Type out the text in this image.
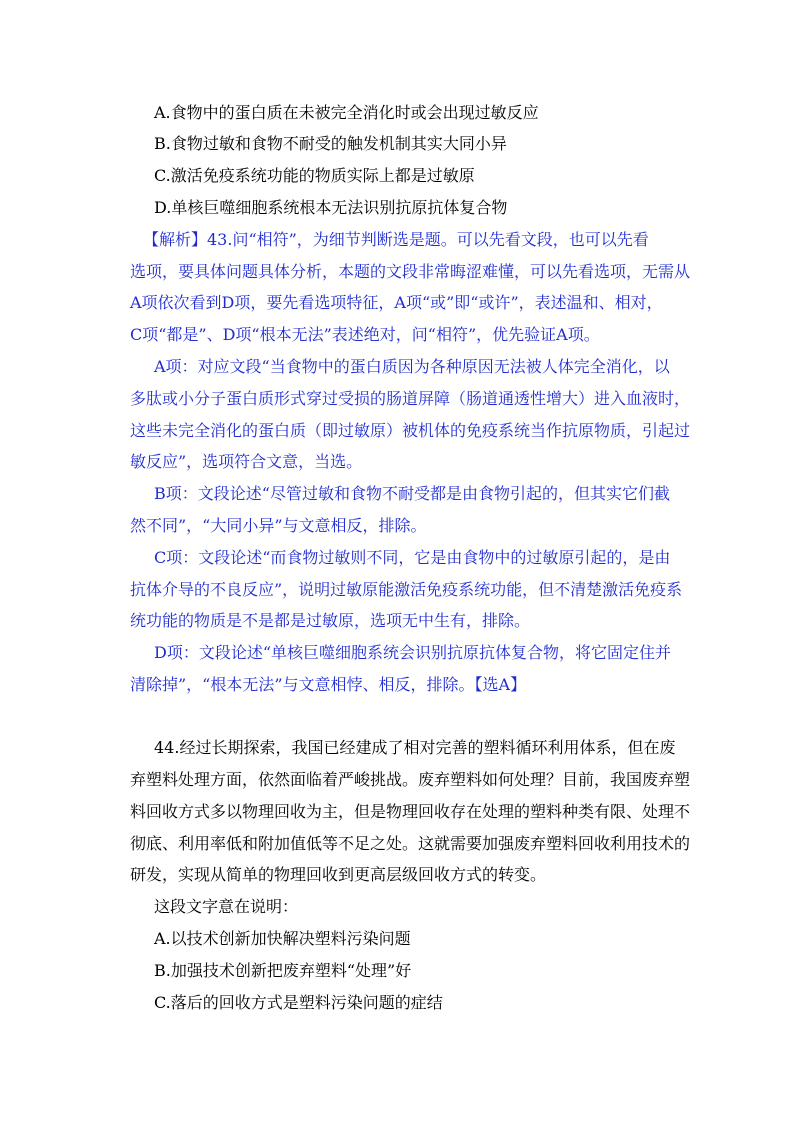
A.食物中的蛋白质在未被完全消化时或会出现过敏反应
B.食物过敏和食物不耐受的触发机制其实大同小异
C.激活免疫系统功能的物质实际上都是过敏原
D.单核巨噬细胞系统根本无法识别抗原抗体复合物
【解析】43.问“相符”，为细节判断选是题。可以先看文段，也可以先看
选项，要具体问题具体分析，本题的文段非常晦涩难懂，可以先看选项，无需从
A项依次看到D项，要先看选项特征，A项“或”即“或许”，表述温和、相对，
C项“都是”、D项“根本无法”表述绝对，问“相符”，优先验证A项。
A项：对应文段“当食物中的蛋白质因为各种原因无法被人体完全消化，以
多肽或小分子蛋白质形式穿过受损的肠道屏障（肠道通透性增大）进入血液时，
这些未完全消化的蛋白质（即过敏原）被机体的免疫系统当作抗原物质，引起过
敏反应”，选项符合文意，当选。
B项：文段论述“尽管过敏和食物不耐受都是由食物引起的，但其实它们截
然不同”，“大同小异”与文意相反，排除。
C项：文段论述“而食物过敏则不同，它是由食物中的过敏原引起的，是由
抗体介导的不良反应”，说明过敏原能激活免疫系统功能，但不清楚激活免疫系
统功能的物质是不是都是过敏原，选项无中生有，排除。
D项：文段论述“单核巨噬细胞系统会识别抗原抗体复合物，将它固定住并
清除掉”，“根本无法”与文意相悖、相反，排除。【选A】
44.经过长期探索，我国已经建成了相对完善的塑料循环利用体系，但在废
弃塑料处理方面，依然面临着严峻挑战。废弃塑料如何处理？目前，我国废弃塑
料回收方式多以物理回收为主，但是物理回收存在处理的塑料种类有限、处理不
彻底、利用率低和附加值低等不足之处。这就需要加强废弃塑料回收利用技术的
研发，实现从简单的物理回收到更高层级回收方式的转变。
这段文字意在说明：
A.以技术创新加快解决塑料污染问题
B.加强技术创新把废弃塑料“处理”好
C.落后的回收方式是塑料污染问题的症结
